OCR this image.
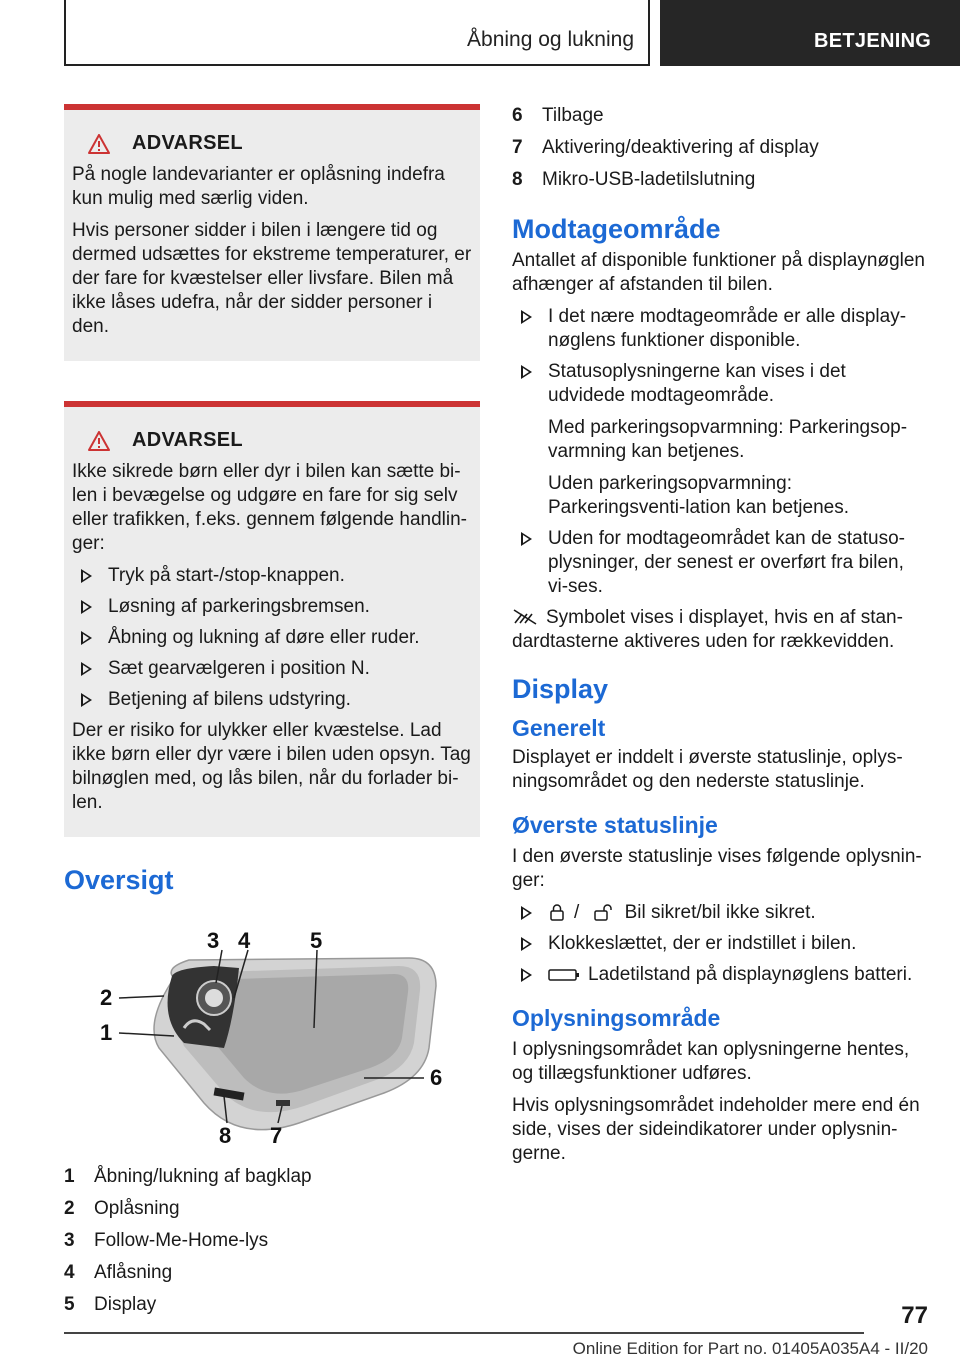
Åbning og lukning	BETJENING
ADVARSEL
På nogle landevarianter er oplåsning indefra kun mulig med særlig viden.
Hvis personer sidder i bilen i længere tid og dermed udsættes for ekstreme temperaturer, er der fare for kvæstelser eller livsfare. Bilen må ikke låses udefra, når der sidder personer i den.
ADVARSEL
Ikke sikrede børn eller dyr i bilen kan sætte bi-len i bevægelse og udgøre en fare for sig selv eller trafikken, f.eks. gennem følgende handlin-ger:
Tryk på start-/stop-knappen.
Løsning af parkeringsbremsen.
Åbning og lukning af døre eller ruder.
Sæt gearvælgeren i position N.
Betjening af bilens udstyring.
Der er risiko for ulykker eller kvæstelse. Lad ikke børn eller dyr være i bilen uden opsyn. Tag bilnøglen med, og lås bilen, når du forlader bi-len.
Oversigt
2
1
3 4	5
6
7
8
1	Åbning/lukning af bagklap
2	Oplåsning
3	Follow-Me-Home-lys
4	Aflåsning
5	Display
6	Tilbage
7	Aktivering/deaktivering af display
8	Mikro-USB-ladetilslutning
Modtageområde
Antallet af disponible funktioner på displaynøglen afhænger af afstanden til bilen.
I det nære modtageområde er alle display-nøglens funktioner disponible.
Statusoplysningerne kan vises i det udvidede modtageområde.
Med parkeringsopvarmning: Parkeringsop-varmning kan betjenes.
Uden parkeringsopvarmning: Parkeringsventi-lation kan betjenes.
Uden for modtageområdet kan de statuso-plysninger, der senest er overført fra bilen, vi-ses.
Symbolet vises i displayet, hvis en af stan-dardtasterne aktiveres uden for rækkevidden.
Display
Generelt
Displayet er inddelt i øverste statuslinje, oplys-ningsområdet og den nederste statuslinje.
Øverste statuslinje
I den øverste statuslinje vises følgende oplysnin-ger:
/ Bil sikret/bil ikke sikret.
Klokkeslættet, der er indstillet i bilen.
Ladetilstand på displaynøglens batteri.
Oplysningsområde
I oplysningsområdet kan oplysningerne hentes, og tillægsfunktioner udføres.
Hvis oplysningsområdet indeholder mere end én side, vises der sideindikatorer under oplysnin-gerne.
77
Online Edition for Part no. 01405A035A4 - II/20
